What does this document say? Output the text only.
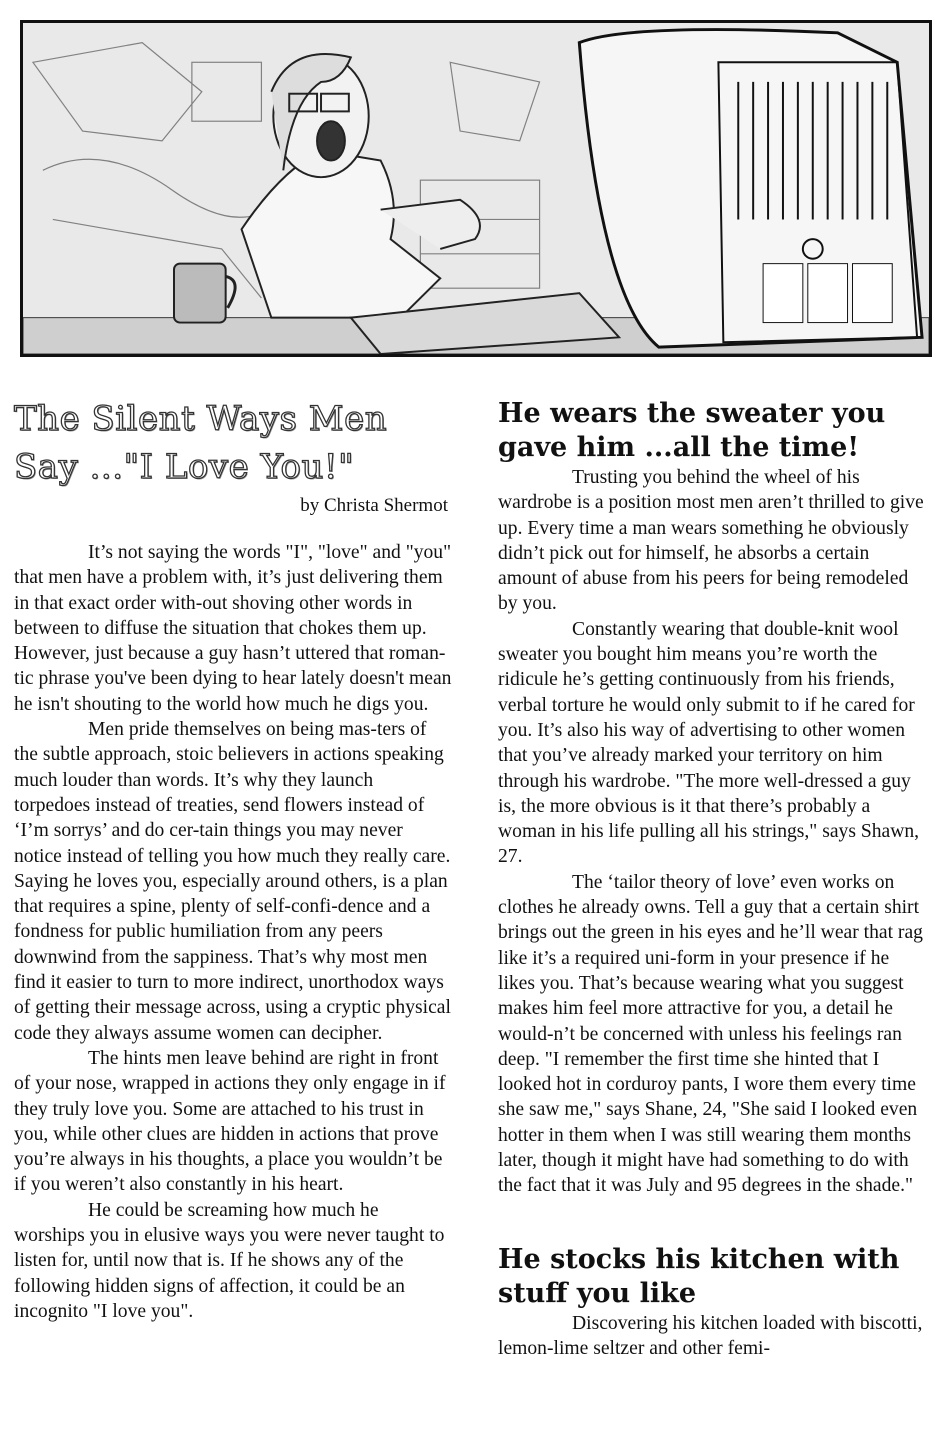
The Silent Ways Men
Say ..."I Love You!"
by Christa Shermot

It’s not saying the words "I", "love" and "you" that men have a problem with, it’s just delivering them in that exact order with-out shoving other words in between to diffuse the situation that chokes them up. However, just because a guy hasn’t uttered that roman-tic phrase you've been dying to hear lately doesn't mean he isn't shouting to the world how much he digs you.

Men pride themselves on being mas-ters of the subtle approach, stoic believers in actions speaking much louder than words. It’s why they launch torpedoes instead of treaties, send flowers instead of ‘I’m sorrys’ and do cer-tain things you may never notice instead of telling you how much they really care. Saying he loves you, especially around others, is a plan that requires a spine, plenty of self-confi-dence and a fondness for public humiliation from any peers downwind from the sappiness. That’s why most men find it easier to turn to more indirect, unorthodox ways of getting their message across, using a cryptic physical code they always assume women can decipher.

The hints men leave behind are right in front of your nose, wrapped in actions they only engage in if they truly love you. Some are attached to his trust in you, while other clues are hidden in actions that prove you’re always in his thoughts, a place you wouldn’t be if you weren’t also constantly in his heart.

He could be screaming how much he worships you in elusive ways you were never taught to listen for, until now that is. If he shows any of the following hidden signs of affection, it could be an incognito "I love you".

He wears the sweater you gave him ...all the time!

Trusting you behind the wheel of his wardrobe is a position most men aren’t thrilled to give up. Every time a man wears something he obviously didn’t pick out for himself, he absorbs a certain amount of abuse from his peers for being remodeled by you.

Constantly wearing that double-knit wool sweater you bought him means you’re worth the ridicule he’s getting continuously from his friends, verbal torture he would only submit to if he cared for you. It’s also his way of advertising to other women that you’ve already marked your territory on him through his wardrobe. "The more well-dressed a guy is, the more obvious is it that there’s probably a woman in his life pulling all his strings," says Shawn, 27.

The ‘tailor theory of love’ even works on clothes he already owns. Tell a guy that a certain shirt brings out the green in his eyes and he’ll wear that rag like it’s a required uni-form in your presence if he likes you. That’s because wearing what you suggest makes him feel more attractive for you, a detail he would-n’t be concerned with unless his feelings ran deep. "I remember the first time she hinted that I looked hot in corduroy pants, I wore them every time she saw me," says Shane, 24, "She said I looked even hotter in them when I was still wearing them months later, though it might have had something to do with the fact that it was July and 95 degrees in the shade."

He stocks his kitchen with stuff you like

Discovering his kitchen loaded with biscotti, lemon-lime seltzer and other femi-
